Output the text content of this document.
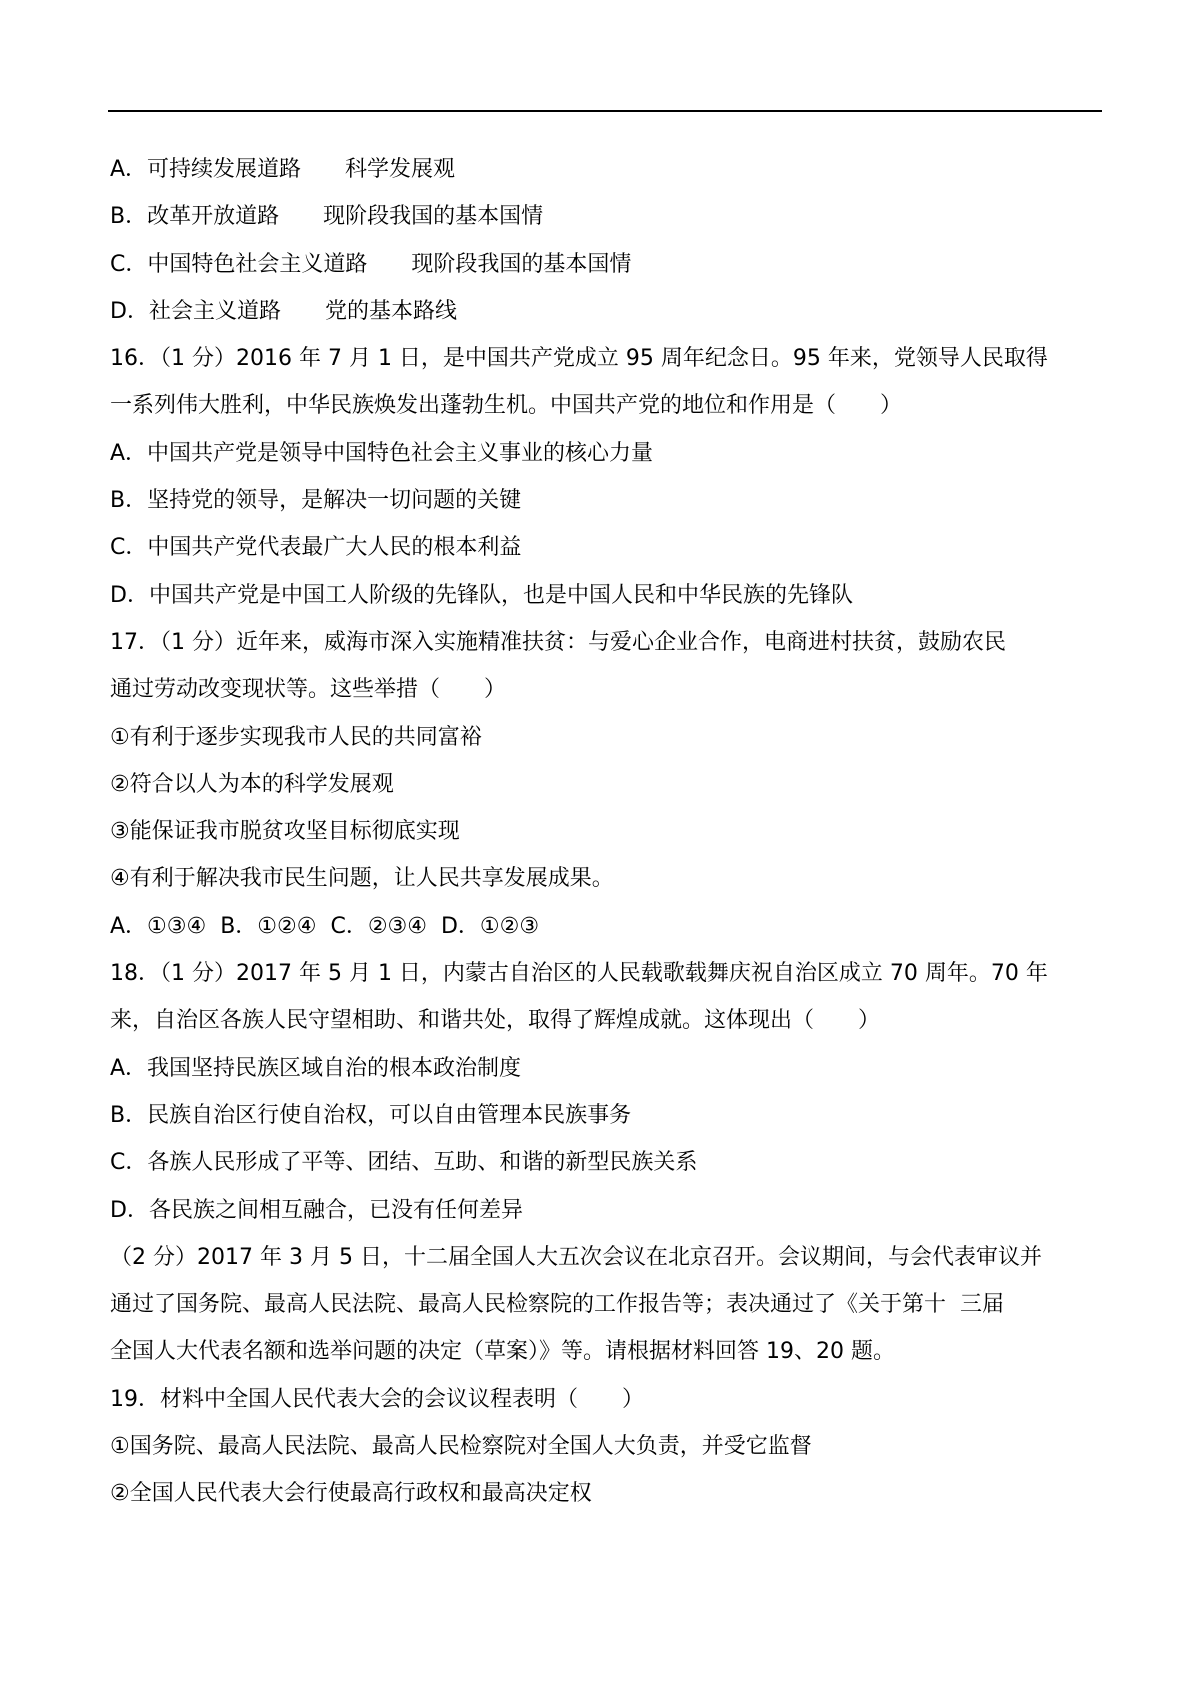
A．可持续发展道路　　科学发展观
B．改革开放道路　　现阶段我国的基本国情
C．中国特色社会主义道路　　现阶段我国的基本国情
D．社会主义道路　　党的基本路线
16．（1 分）2016 年 7 月 1 日，是中国共产党成立 95 周年纪念日。95 年来，党领导人民取得
一系列伟大胜利，中华民族焕发出蓬勃生机。中国共产党的地位和作用是（　　）
A．中国共产党是领导中国特色社会主义事业的核心力量
B．坚持党的领导，是解决一切问题的关键
C．中国共产党代表最广大人民的根本利益
D．中国共产党是中国工人阶级的先锋队，也是中国人民和中华民族的先锋队
17．（1 分）近年来，威海市深入实施精准扶贫：与爱心企业合作，电商进村扶贫，鼓励农民
通过劳动改变现状等。这些举措（　　）
①有利于逐步实现我市人民的共同富裕
②符合以人为本的科学发展观
③能保证我市脱贫攻坚目标彻底实现
④有利于解决我市民生问题，让人民共享发展成果。
A．①③④  B．①②④  C．②③④  D．①②③
18．（1 分）2017 年 5 月 1 日，内蒙古自治区的人民载歌载舞庆祝自治区成立 70 周年。70 年
来，自治区各族人民守望相助、和谐共处，取得了辉煌成就。这体现出（　　）
A．我国坚持民族区域自治的根本政治制度
B．民族自治区行使自治权，可以自由管理本民族事务
C．各族人民形成了平等、团结、互助、和谐的新型民族关系
D．各民族之间相互融合，已没有任何差异
（2 分）2017 年 3 月 5 日，十二届全国人大五次会议在北京召开。会议期间，与会代表审议并
通过了国务院、最高人民法院、最高人民检察院的工作报告等；表决通过了《关于第十  三届
全国人大代表名额和选举问题的决定（草案）》等。请根据材料回答 19、20 题。
19．材料中全国人民代表大会的会议议程表明（　　）
①国务院、最高人民法院、最高人民检察院对全国人大负责，并受它监督
②全国人民代表大会行使最高行政权和最高决定权
